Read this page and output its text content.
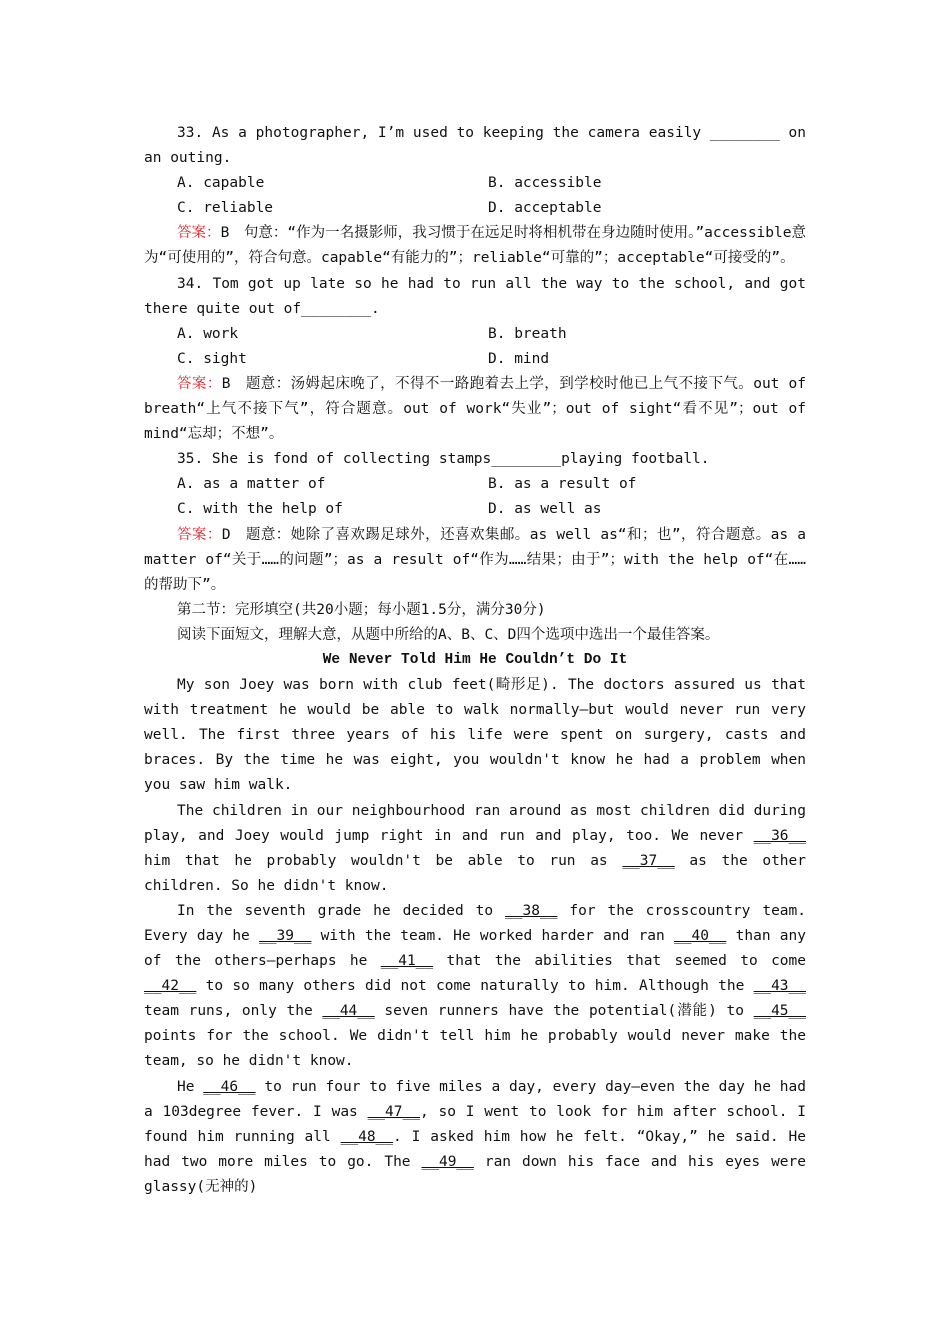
33. As a photographer, I’m used to keeping the camera easily ________ on an outing.
A. capable	B. accessible
C. reliable	D. acceptable
答案：B　句意：“作为一名摄影师，我习惯于在远足时将相机带在身边随时使用。”accessible意为“可使用的”，符合句意。capable“有能力的”；reliable“可靠的”；acceptable“可接受的”。
34. Tom got up late so he had to run all the way to the school, and got there quite out of________.
A. work	B. breath
C. sight	D. mind
答案：B　题意：汤姆起床晚了，不得不一路跑着去上学，到学校时他已上气不接下气。out of breath“上气不接下气”，符合题意。out of work“失业”；out of sight“看不见”；out of mind“忘却；不想”。
35. She is fond of collecting stamps________playing football.
A. as a matter of	B. as a result of
C. with the help of	D. as well as
答案：D　题意：她除了喜欢踢足球外，还喜欢集邮。as well as“和；也”，符合题意。as a matter of“关于……的问题”；as a result of“作为……结果；由于”；with the help of“在……的帮助下”。
第二节：完形填空(共20小题；每小题1.5分，满分30分)
阅读下面短文，理解大意，从题中所给的A、B、C、D四个选项中选出一个最佳答案。
We Never Told Him He Couldn’t Do It
My son Joey was born with club feet(畸形足). The doctors assured us that with treatment he would be able to walk normally—but would never run very well. The first three years of his life were spent on surgery, casts and braces. By the time he was eight, you wouldn't know he had a problem when you saw him walk.
The children in our neighbourhood ran around as most children did during play, and Joey would jump right in and run and play, too. We never __36__ him that he probably wouldn't be able to run as __37__ as the other children. So he didn't know.
In the seventh grade he decided to __38__ for the crosscountry team. Every day he __39__ with the team. He worked harder and ran __40__ than any of the others—perhaps he __41__ that the abilities that seemed to come __42__ to so many others did not come naturally to him. Although the __43__ team runs, only the __44__ seven runners have the potential(潜能) to __45__ points for the school. We didn't tell him he probably would never make the team, so he didn't know.
He __46__ to run four to five miles a day, every day—even the day he had a 103degree fever. I was __47__, so I went to look for him after school. I found him running all __48__. I asked him how he felt. “Okay,” he said. He had two more miles to go. The __49__ ran down his face and his eyes were glassy(无神的)
